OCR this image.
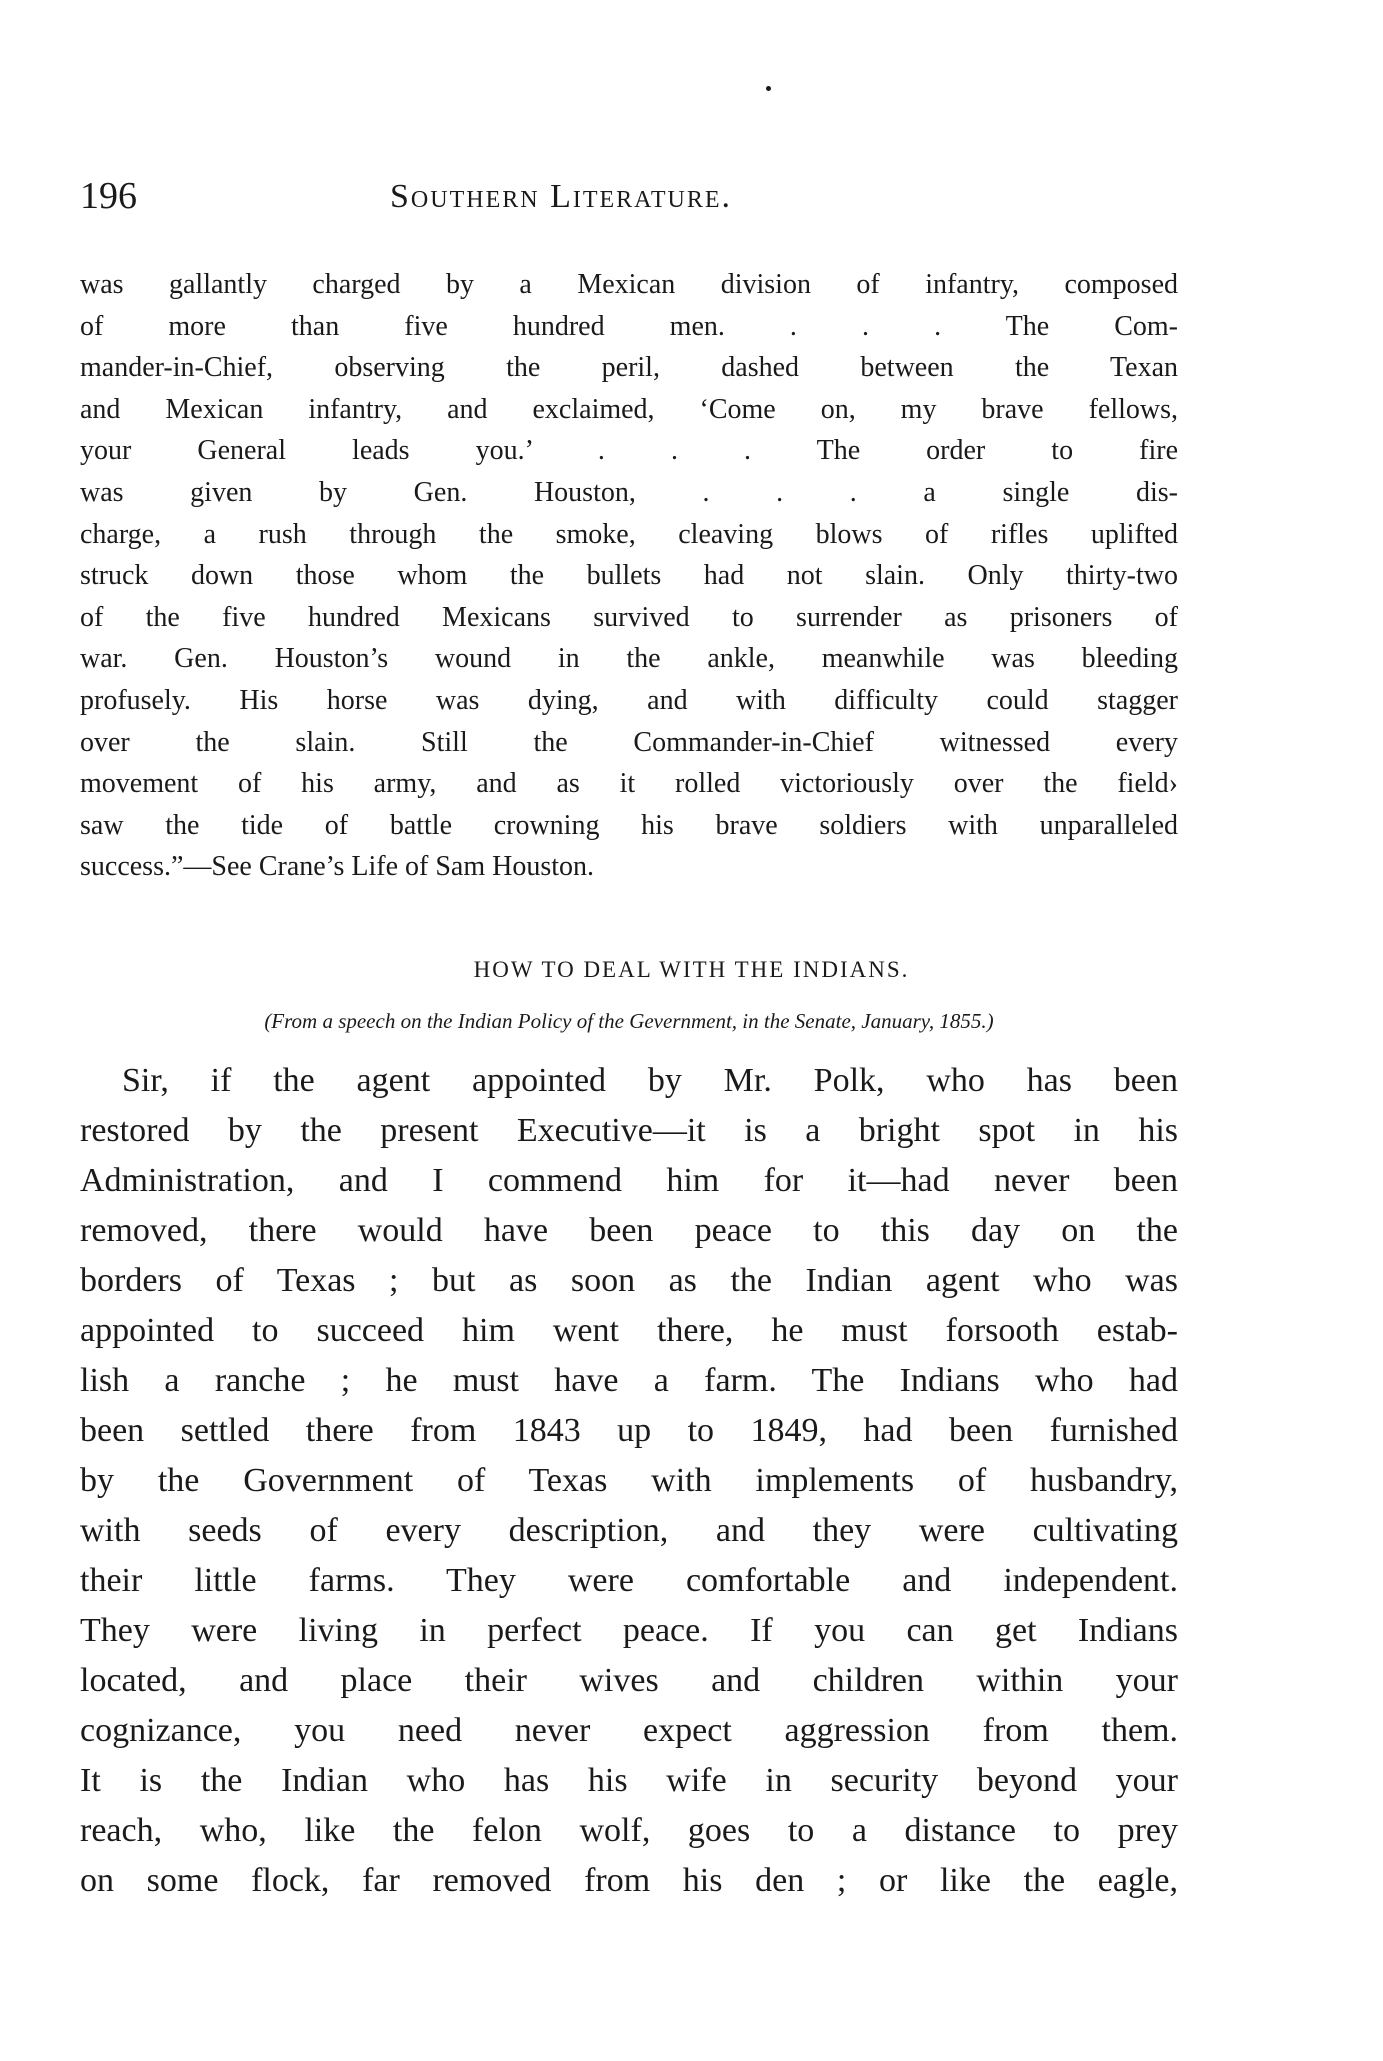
196	Southern Literature.
was gallantly charged by a Mexican division of infantry, composed
of more than five hundred men. . . . The Com-
mander-in-Chief, observing the peril, dashed between the Texan
and Mexican infantry, and exclaimed, ‘Come on, my brave fellows,
your General leads you.’ . . . The order to fire
was given by Gen. Houston, . . . a single dis-
charge, a rush through the smoke, cleaving blows of rifles uplifted
struck down those whom the bullets had not slain. Only thirty-two
of the five hundred Mexicans survived to surrender as prisoners of
war. Gen. Houston’s wound in the ankle, meanwhile was bleeding
profusely. His horse was dying, and with difficulty could stagger
over the slain. Still the Commander-in-Chief witnessed every
movement of his army, and as it rolled victoriously over the field›
saw the tide of battle crowning his brave soldiers with unparalleled
success.”—See Crane’s Life of Sam Houston.
HOW TO DEAL WITH THE INDIANS.
(From a speech on the Indian Policy of the Gevernment, in the Senate, January, 1855.)
Sir, if the agent appointed by Mr. Polk, who has been
restored by the present Executive—it is a bright spot in his
Administration, and I commend him for it—had never been
removed, there would have been peace to this day on the
borders of Texas ; but as soon as the Indian agent who was
appointed to succeed him went there, he must forsooth estab-
lish a ranche ; he must have a farm. The Indians who had
been settled there from 1843 up to 1849, had been furnished
by the Government of Texas with implements of husbandry,
with seeds of every description, and they were cultivating
their little farms. They were comfortable and independent.
They were living in perfect peace. If you can get Indians
located, and place their wives and children within your
cognizance, you need never expect aggression from them.
It is the Indian who has his wife in security beyond your
reach, who, like the felon wolf, goes to a distance to prey
on some flock, far removed from his den ; or like the eagle,
